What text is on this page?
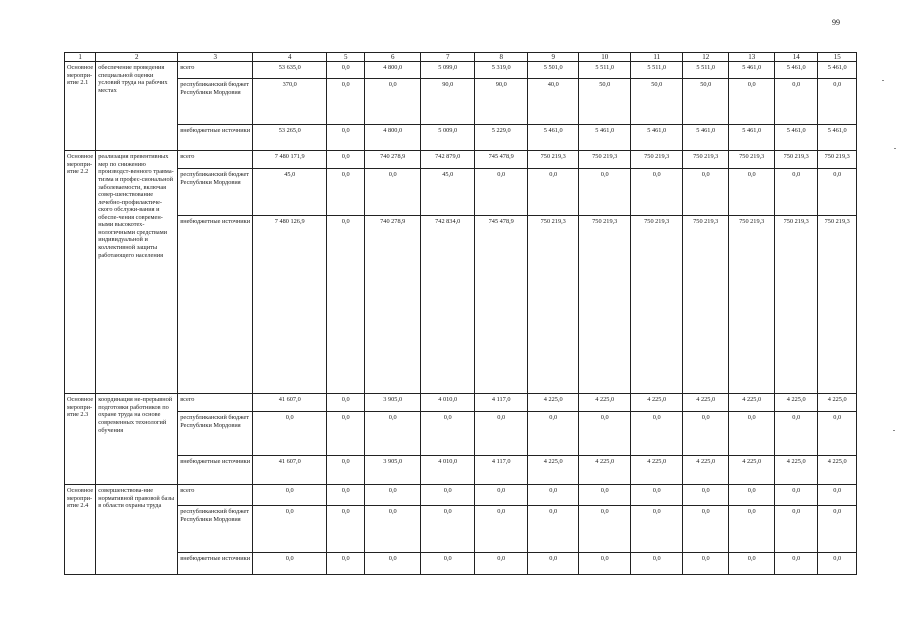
99
1	2	3	4	5	6	7	8	9	10	11	12	13	14	15
Основное меропри-ятие 2.1	обеспечение проведения специальной оценки условий труда на рабочих местах	всего	53 635,0	0,0	4 800,0	5 099,0	5 319,0	5 501,0	5 511,0	5 511,0	5 511,0	5 461,0	5 461,0	5 461,0
		республиканский бюджет Республики Мордовия	370,0	0,0	0,0	90,0	90,0	40,0	50,0	50,0	50,0	0,0	0,0	0,0
		внебюджетные источники	53 265,0	0,0	4 800,0	5 009,0	5 229,0	5 461,0	5 461,0	5 461,0	5 461,0	5 461,0	5 461,0	5 461,0
Основное меропри-ятие 2.2	реализация превентивных мер по снижению производст-венного травма-тизма и профес-сиональной заболеваемости, включая совер-шенствование лечебно-профилактиче-ского обслужи-вания и обеспе-чения современ-ными высокотех-нологичными средствами индивидуальной и коллективной защиты работающего населения	всего	7 480 171,9	0,0	740 278,9	742 879,0	745 478,9	750 219,3	750 219,3	750 219,3	750 219,3	750 219,3	750 219,3	750 219,3
		республиканский бюджет Республики Мордовия	45,0	0,0	0,0	45,0	0,0	0,0	0,0	0,0	0,0	0,0	0,0	0,0
		внебюджетные источники	7 480 126,9	0,0	740 278,9	742 834,0	745 478,9	750 219,3	750 219,3	750 219,3	750 219,3	750 219,3	750 219,3	750 219,3
Основное меропри-ятие 2.3	координация не-прерывной подготовки работников по охране труда на основе современных технологий обучения	всего	41 607,0	0,0	3 905,0	4 010,0	4 117,0	4 225,0	4 225,0	4 225,0	4 225,0	4 225,0	4 225,0	4 225,0
		республиканский бюджет Республики Мордовия	0,0	0,0	0,0	0,0	0,0	0,0	0,0	0,0	0,0	0,0	0,0	0,0
		внебюджетные источники	41 607,0	0,0	3 905,0	4 010,0	4 117,0	4 225,0	4 225,0	4 225,0	4 225,0	4 225,0	4 225,0	4 225,0
Основное меропри-ятие 2.4	совершенствова-ние нормативной правовой базы в области охраны труда	всего	0,0	0,0	0,0	0,0	0,0	0,0	0,0	0,0	0,0	0,0	0,0	0,0
		республиканский бюджет Республики Мордовия	0,0	0,0	0,0	0,0	0,0	0,0	0,0	0,0	0,0	0,0	0,0	0,0
		внебюджетные источники	0,0	0,0	0,0	0,0	0,0	0,0	0,0	0,0	0,0	0,0	0,0	0,0
